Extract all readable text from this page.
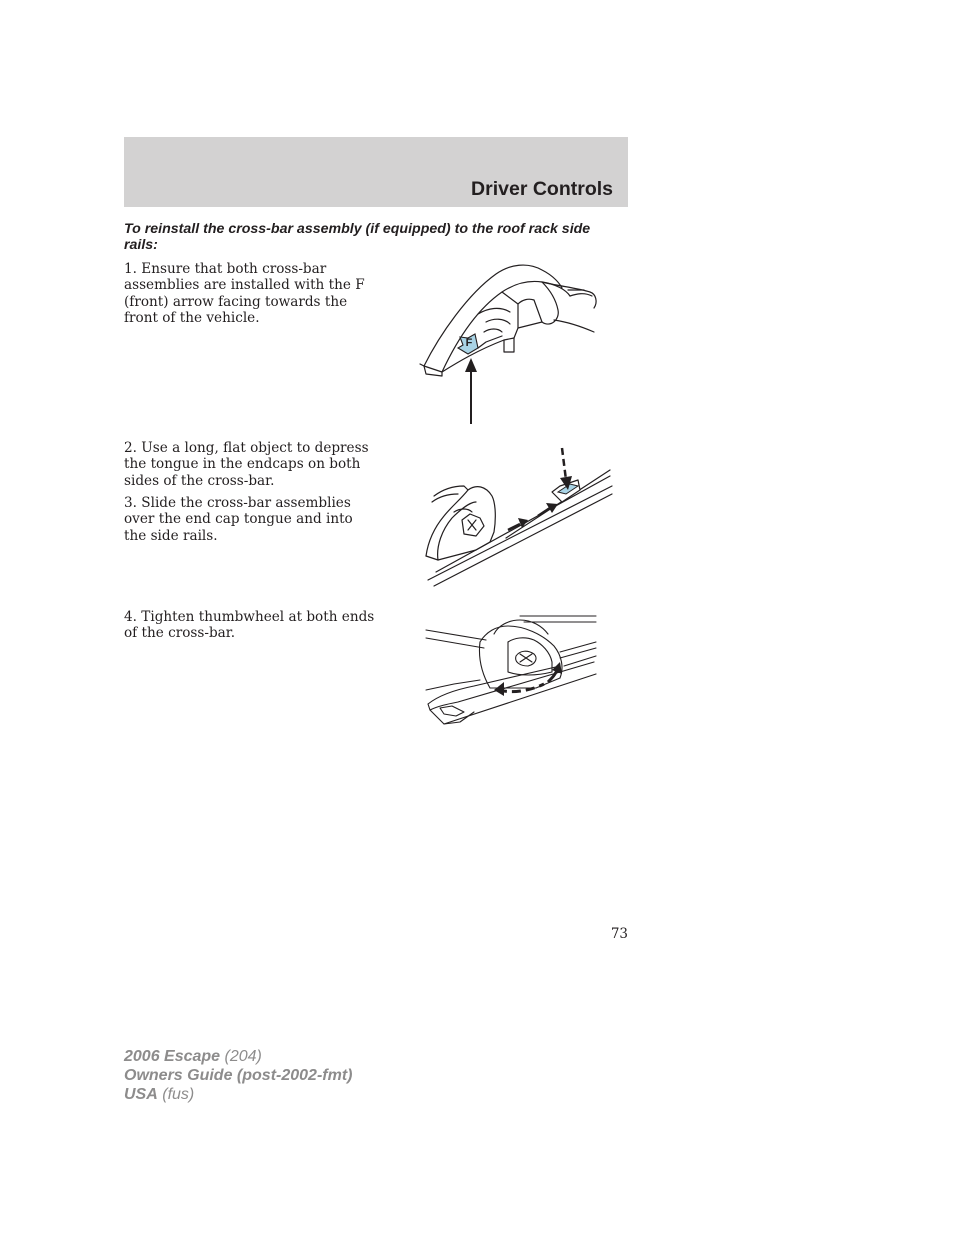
Driver Controls
To reinstall the cross-bar assembly (if equipped) to the roof rack side rails:
1. Ensure that both cross-bar assemblies are installed with the F (front) arrow facing towards the front of the vehicle.
2. Use a long, flat object to depress the tongue in the endcaps on both sides of the cross-bar.
3. Slide the cross-bar assemblies over the end cap tongue and into the side rails.
4. Tighten thumbwheel at both ends of the cross-bar.
F
73
2006 Escape (204)
Owners Guide (post-2002-fmt)
USA (fus)
